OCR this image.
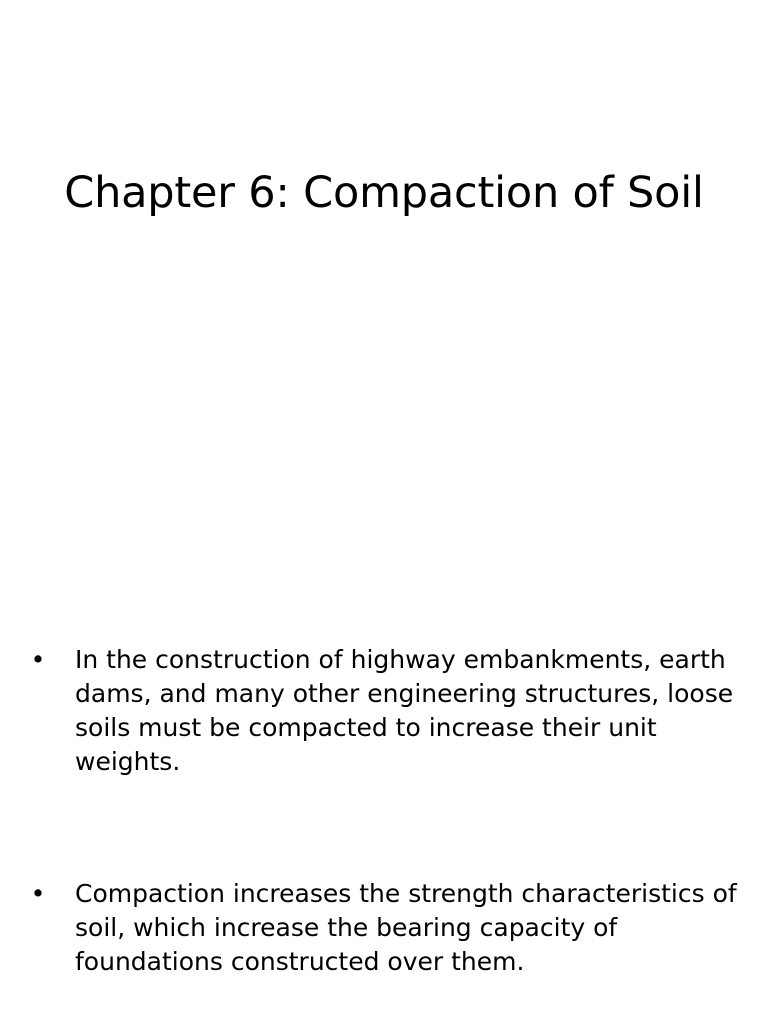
Chapter 6: Compaction of Soil
• In the construction of highway embankments, earth dams, and many other engineering structures, loose soils must be compacted to increase their unit weights.
• Compaction increases the strength characteristics of soil, which increase the bearing capacity of foundations constructed over them.
